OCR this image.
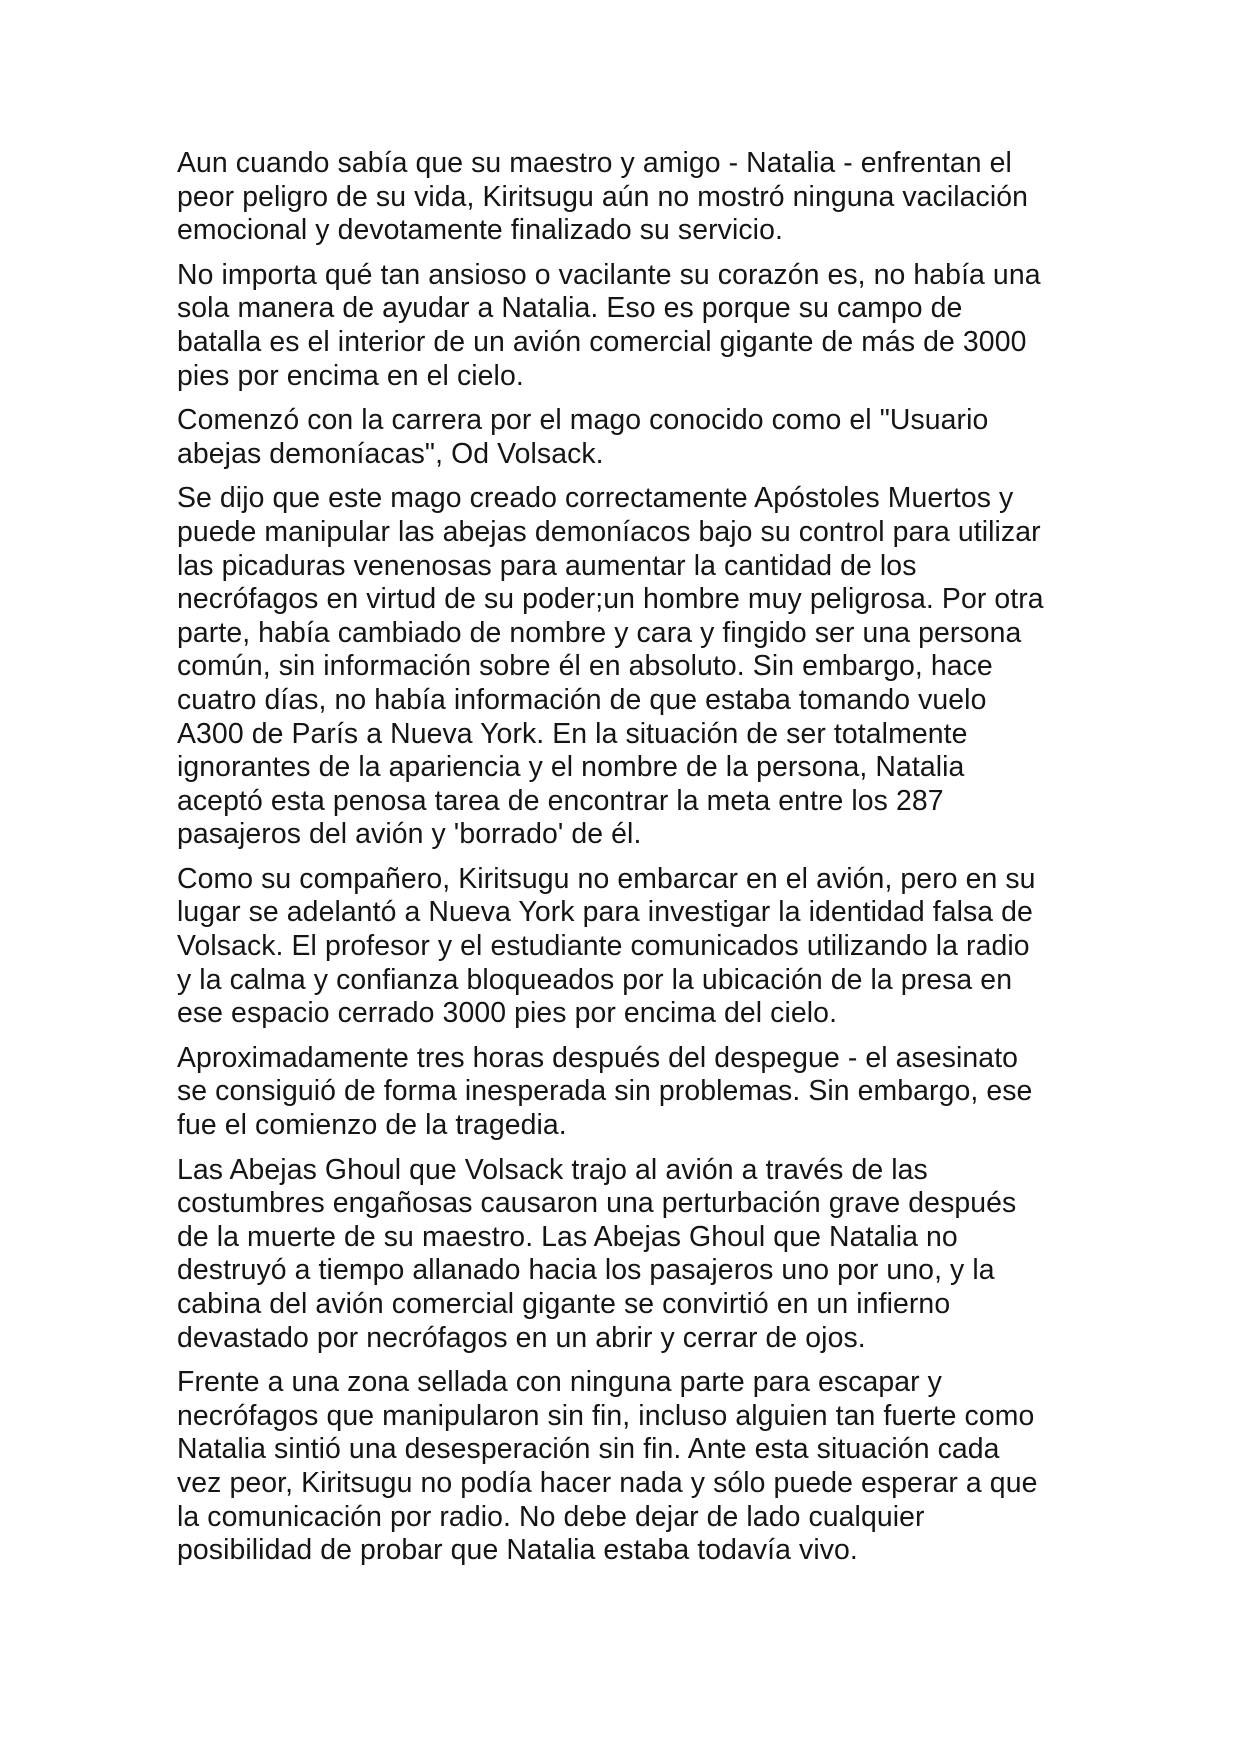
Aun cuando sabía que su maestro y amigo - Natalia - enfrentan el
peor peligro de su vida, Kiritsugu aún no mostró ninguna vacilación
emocional y devotamente finalizado su servicio.

No importa qué tan ansioso o vacilante su corazón es, no había una
sola manera de ayudar a Natalia. Eso es porque su campo de
batalla es el interior de un avión comercial gigante de más de 3000
pies por encima en el cielo.

Comenzó con la carrera por el mago conocido como el "Usuario
abejas demoníacas", Od Volsack.

Se dijo que este mago creado correctamente Apóstoles Muertos y
puede manipular las abejas demoníacos bajo su control para utilizar
las picaduras venenosas para aumentar la cantidad de los
necrófagos en virtud de su poder;un hombre muy peligrosa. Por otra
parte, había cambiado de nombre y cara y fingido ser una persona
común, sin información sobre él en absoluto. Sin embargo, hace
cuatro días, no había información de que estaba tomando vuelo
A300 de París a Nueva York. En la situación de ser totalmente
ignorantes de la apariencia y el nombre de la persona, Natalia
aceptó esta penosa tarea de encontrar la meta entre los 287
pasajeros del avión y 'borrado' de él.

Como su compañero, Kiritsugu no embarcar en el avión, pero en su
lugar se adelantó a Nueva York para investigar la identidad falsa de
Volsack. El profesor y el estudiante comunicados utilizando la radio
y la calma y confianza bloqueados por la ubicación de la presa en
ese espacio cerrado 3000 pies por encima del cielo.

Aproximadamente tres horas después del despegue - el asesinato
se consiguió de forma inesperada sin problemas. Sin embargo, ese
fue el comienzo de la tragedia.

Las Abejas Ghoul que Volsack trajo al avión a través de las
costumbres engañosas causaron una perturbación grave después
de la muerte de su maestro. Las Abejas Ghoul que Natalia no
destruyó a tiempo allanado hacia los pasajeros uno por uno, y la
cabina del avión comercial gigante se convirtió en un infierno
devastado por necrófagos en un abrir y cerrar de ojos.

Frente a una zona sellada con ninguna parte para escapar y
necrófagos que manipularon sin fin, incluso alguien tan fuerte como
Natalia sintió una desesperación sin fin. Ante esta situación cada
vez peor, Kiritsugu no podía hacer nada y sólo puede esperar a que
la comunicación por radio. No debe dejar de lado cualquier
posibilidad de probar que Natalia estaba todavía vivo.
